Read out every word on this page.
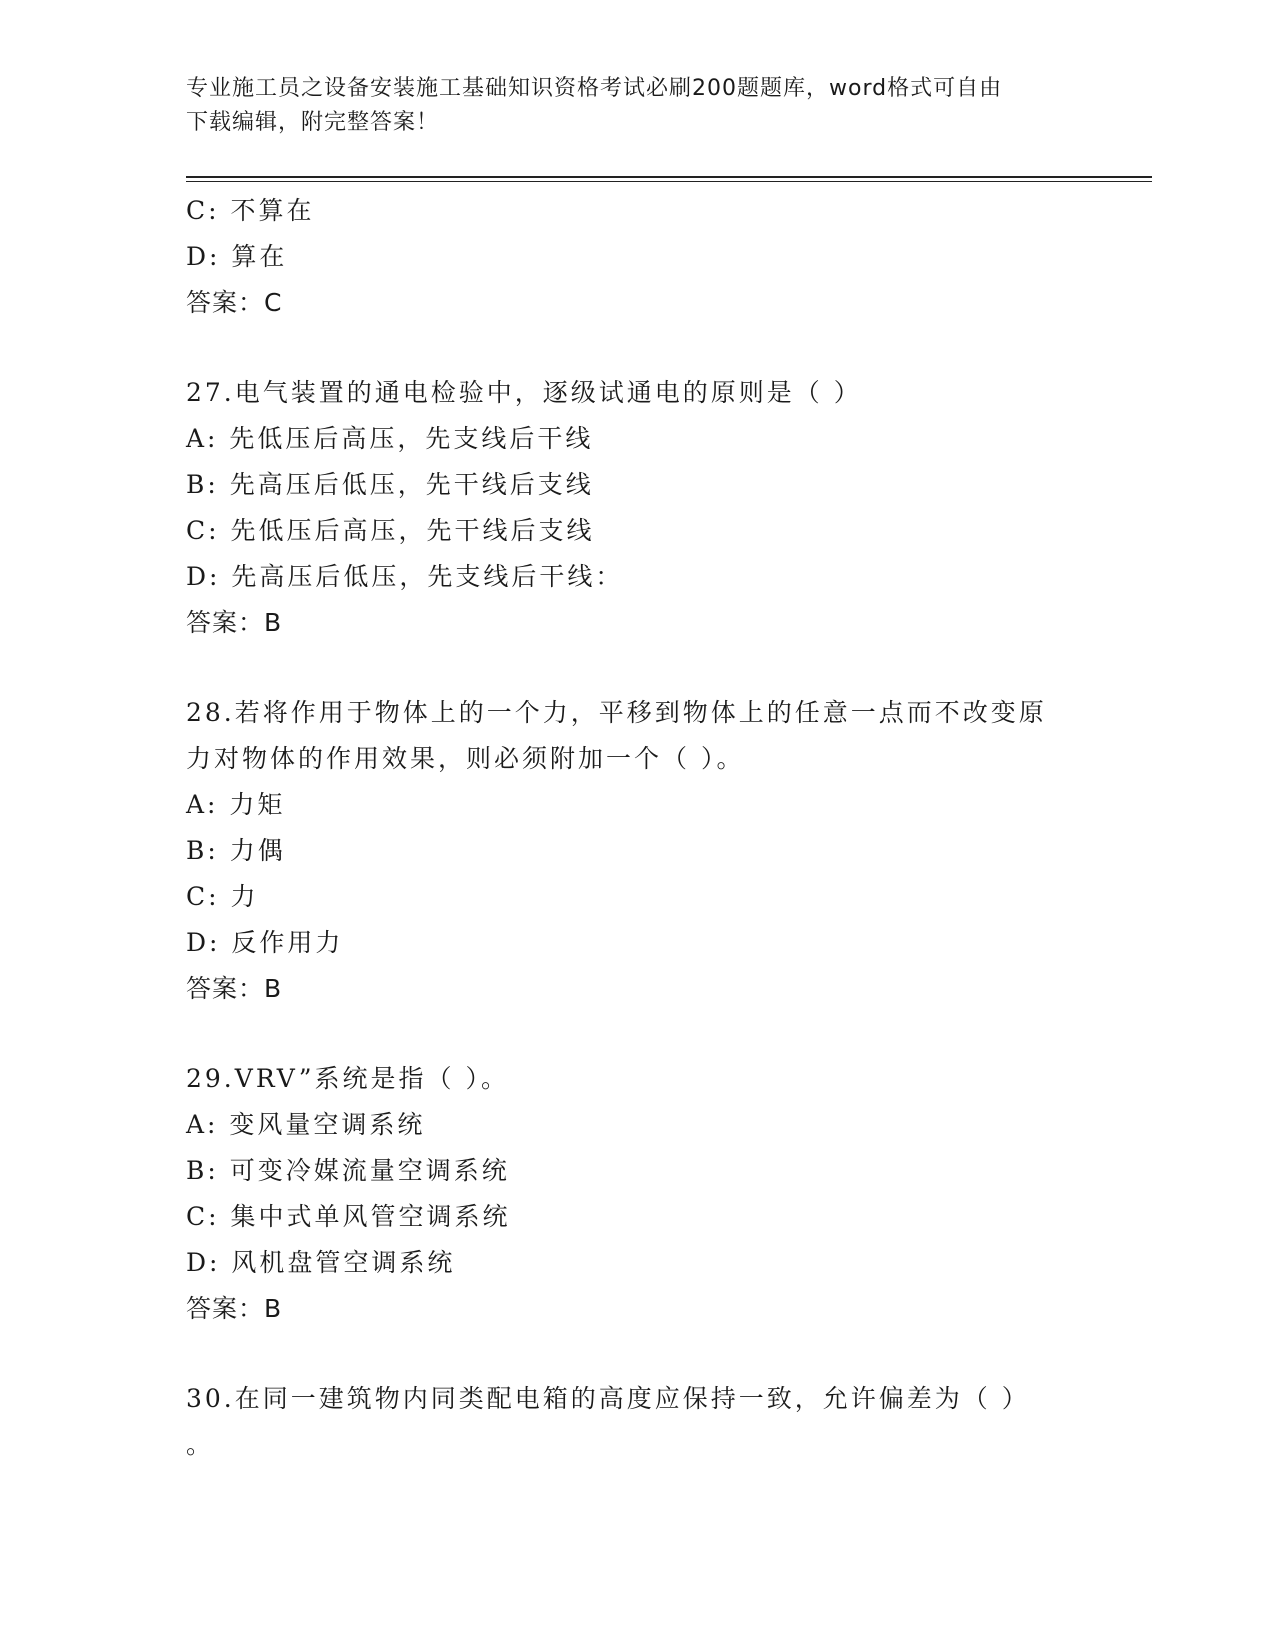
专业施工员之设备安装施工基础知识资格考试必刷200题题库，word格式可自由
下载编辑，附完整答案！
C: 不算在
D: 算在
答案：C
27.电气装置的通电检验中，逐级试通电的原则是（ ）
A: 先低压后高压，先支线后干线
B: 先高压后低压，先干线后支线
C: 先低压后高压，先干线后支线
D: 先高压后低压，先支线后干线：
答案：B
28.若将作用于物体上的一个力，平移到物体上的任意一点而不改变原
力对物体的作用效果，则必须附加一个（ ）。
A: 力矩
B: 力偶
C: 力
D: 反作用力
答案：B
29.VRV”系统是指（ ）。
A: 变风量空调系统
B: 可变冷媒流量空调系统
C: 集中式单风管空调系统
D: 风机盘管空调系统
答案：B
30.在同一建筑物内同类配电箱的高度应保持一致，允许偏差为（ ）
。
